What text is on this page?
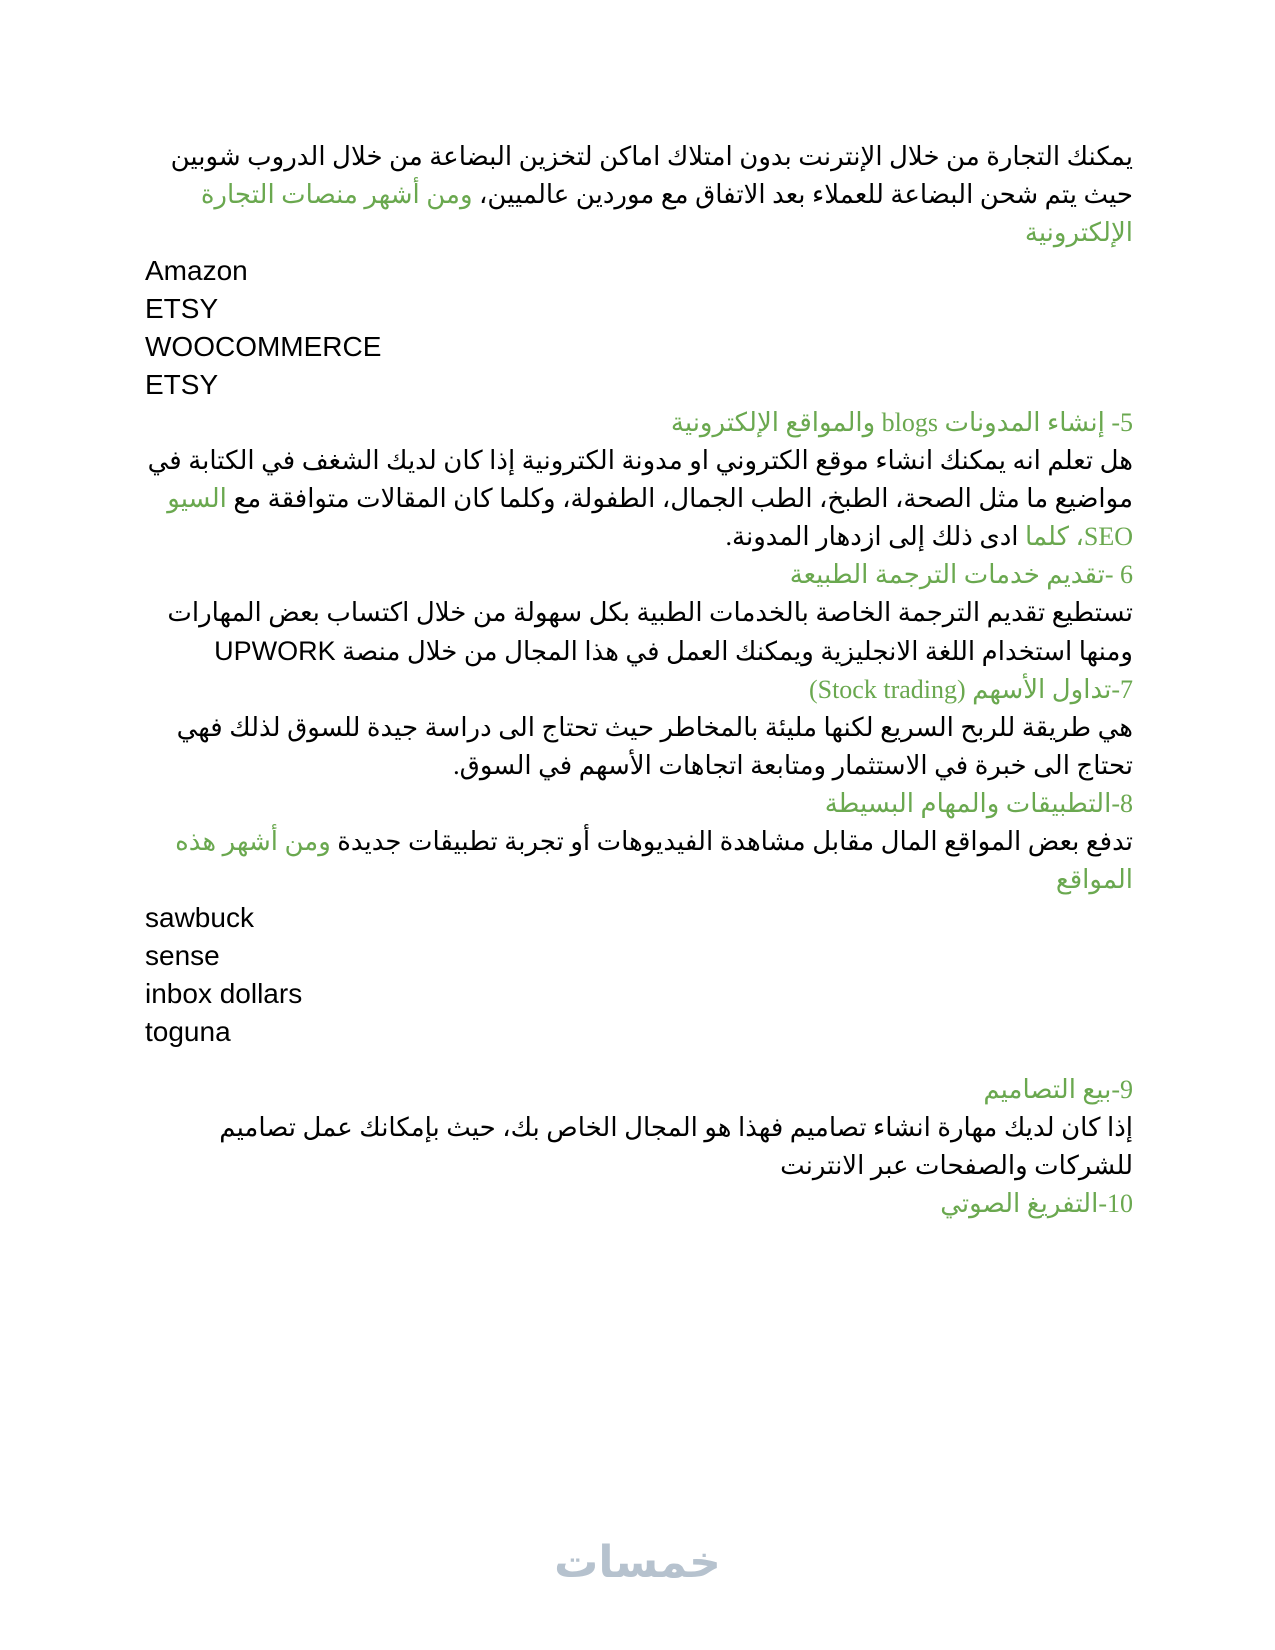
يمكنك التجارة من خلال الإنترنت بدون امتلاك اماكن لتخزين البضاعة من خلال الدروب شوبين حيث يتم شحن البضاعة للعملاء بعد الاتفاق مع موردين عالميين، ومن أشهر منصات التجارة الإلكترونية

Amazon
ETSY
WOOCOMMERCE
ETSY

5- إنشاء المدونات blogs والمواقع الإلكترونية

هل تعلم انه يمكنك انشاء موقع الكتروني او مدونة الكترونية إذا كان لديك الشغف في الكتابة في مواضيع ما مثل الصحة، الطبخ، الطب الجمال، الطفولة، وكلما كان المقالات متوافقة مع السيو SEO، كلما ادى ذلك إلى ازدهار المدونة.

6 -تقديم خدمات الترجمة الطبيعة

تستطيع تقديم الترجمة الخاصة بالخدمات الطبية بكل سهولة من خلال اكتساب بعض المهارات ومنها استخدام اللغة الانجليزية ويمكنك العمل في هذا المجال من خلال منصة UPWORK

7-تداول الأسهم (Stock trading)

هي طريقة للربح السريع لكنها مليئة بالمخاطر حيث تحتاج الى دراسة جيدة للسوق لذلك فهي تحتاج الى خبرة في الاستثمار ومتابعة اتجاهات الأسهم في السوق.

8-التطبيقات والمهام البسيطة

تدفع بعض المواقع المال مقابل مشاهدة الفيديوهات أو تجربة تطبيقات جديدة ومن أشهر هذه المواقع

sawbuck
sense
inbox dollars
toguna

9-بيع التصاميم

إذا كان لديك مهارة انشاء تصاميم فهذا هو المجال الخاص بك، حيث بإمكانك عمل تصاميم للشركات والصفحات عبر الانترنت

10-التفريغ الصوتي

خمسات
